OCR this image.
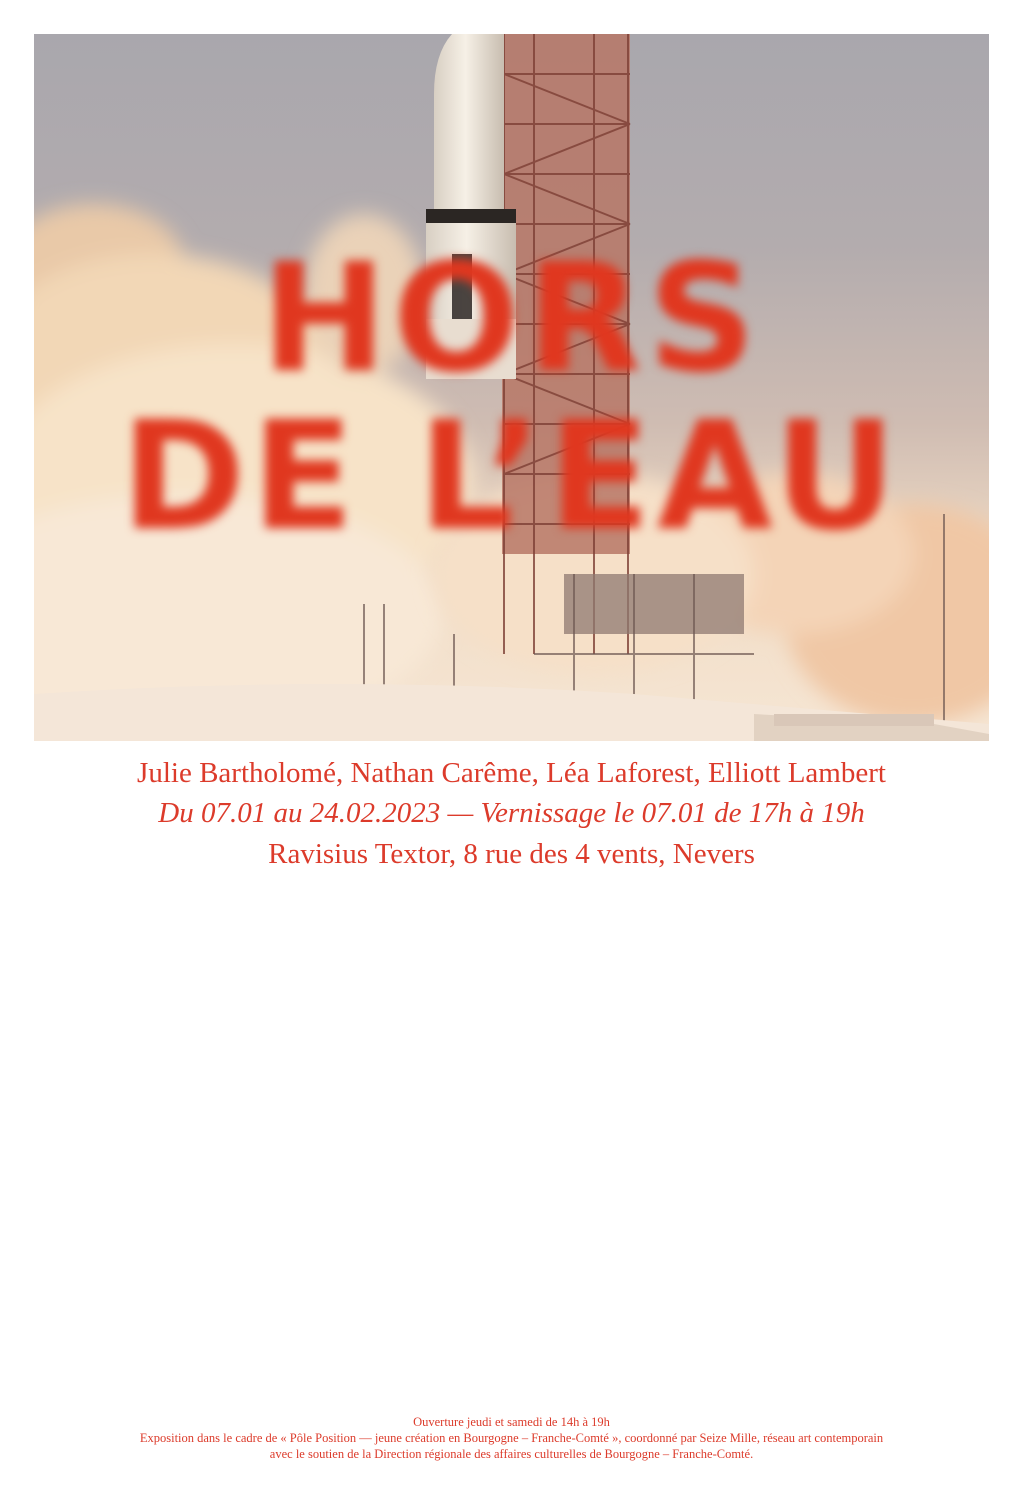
HORS
DE L’EAU
Julie Bartholomé, Nathan Carême, Léa Laforest, Elliott Lambert
Du 07.01 au 24.02.2023 — Vernissage le 07.01 de 17h à 19h
Ravisius Textor, 8 rue des 4 vents, Nevers
Ouverture jeudi et samedi de 14h à 19h
Exposition dans le cadre de « Pôle Position — jeune création en Bourgogne – Franche-Comté », coordonné par Seize Mille, réseau art contemporain
avec le soutien de la Direction régionale des affaires culturelles de Bourgogne – Franche-Comté.
